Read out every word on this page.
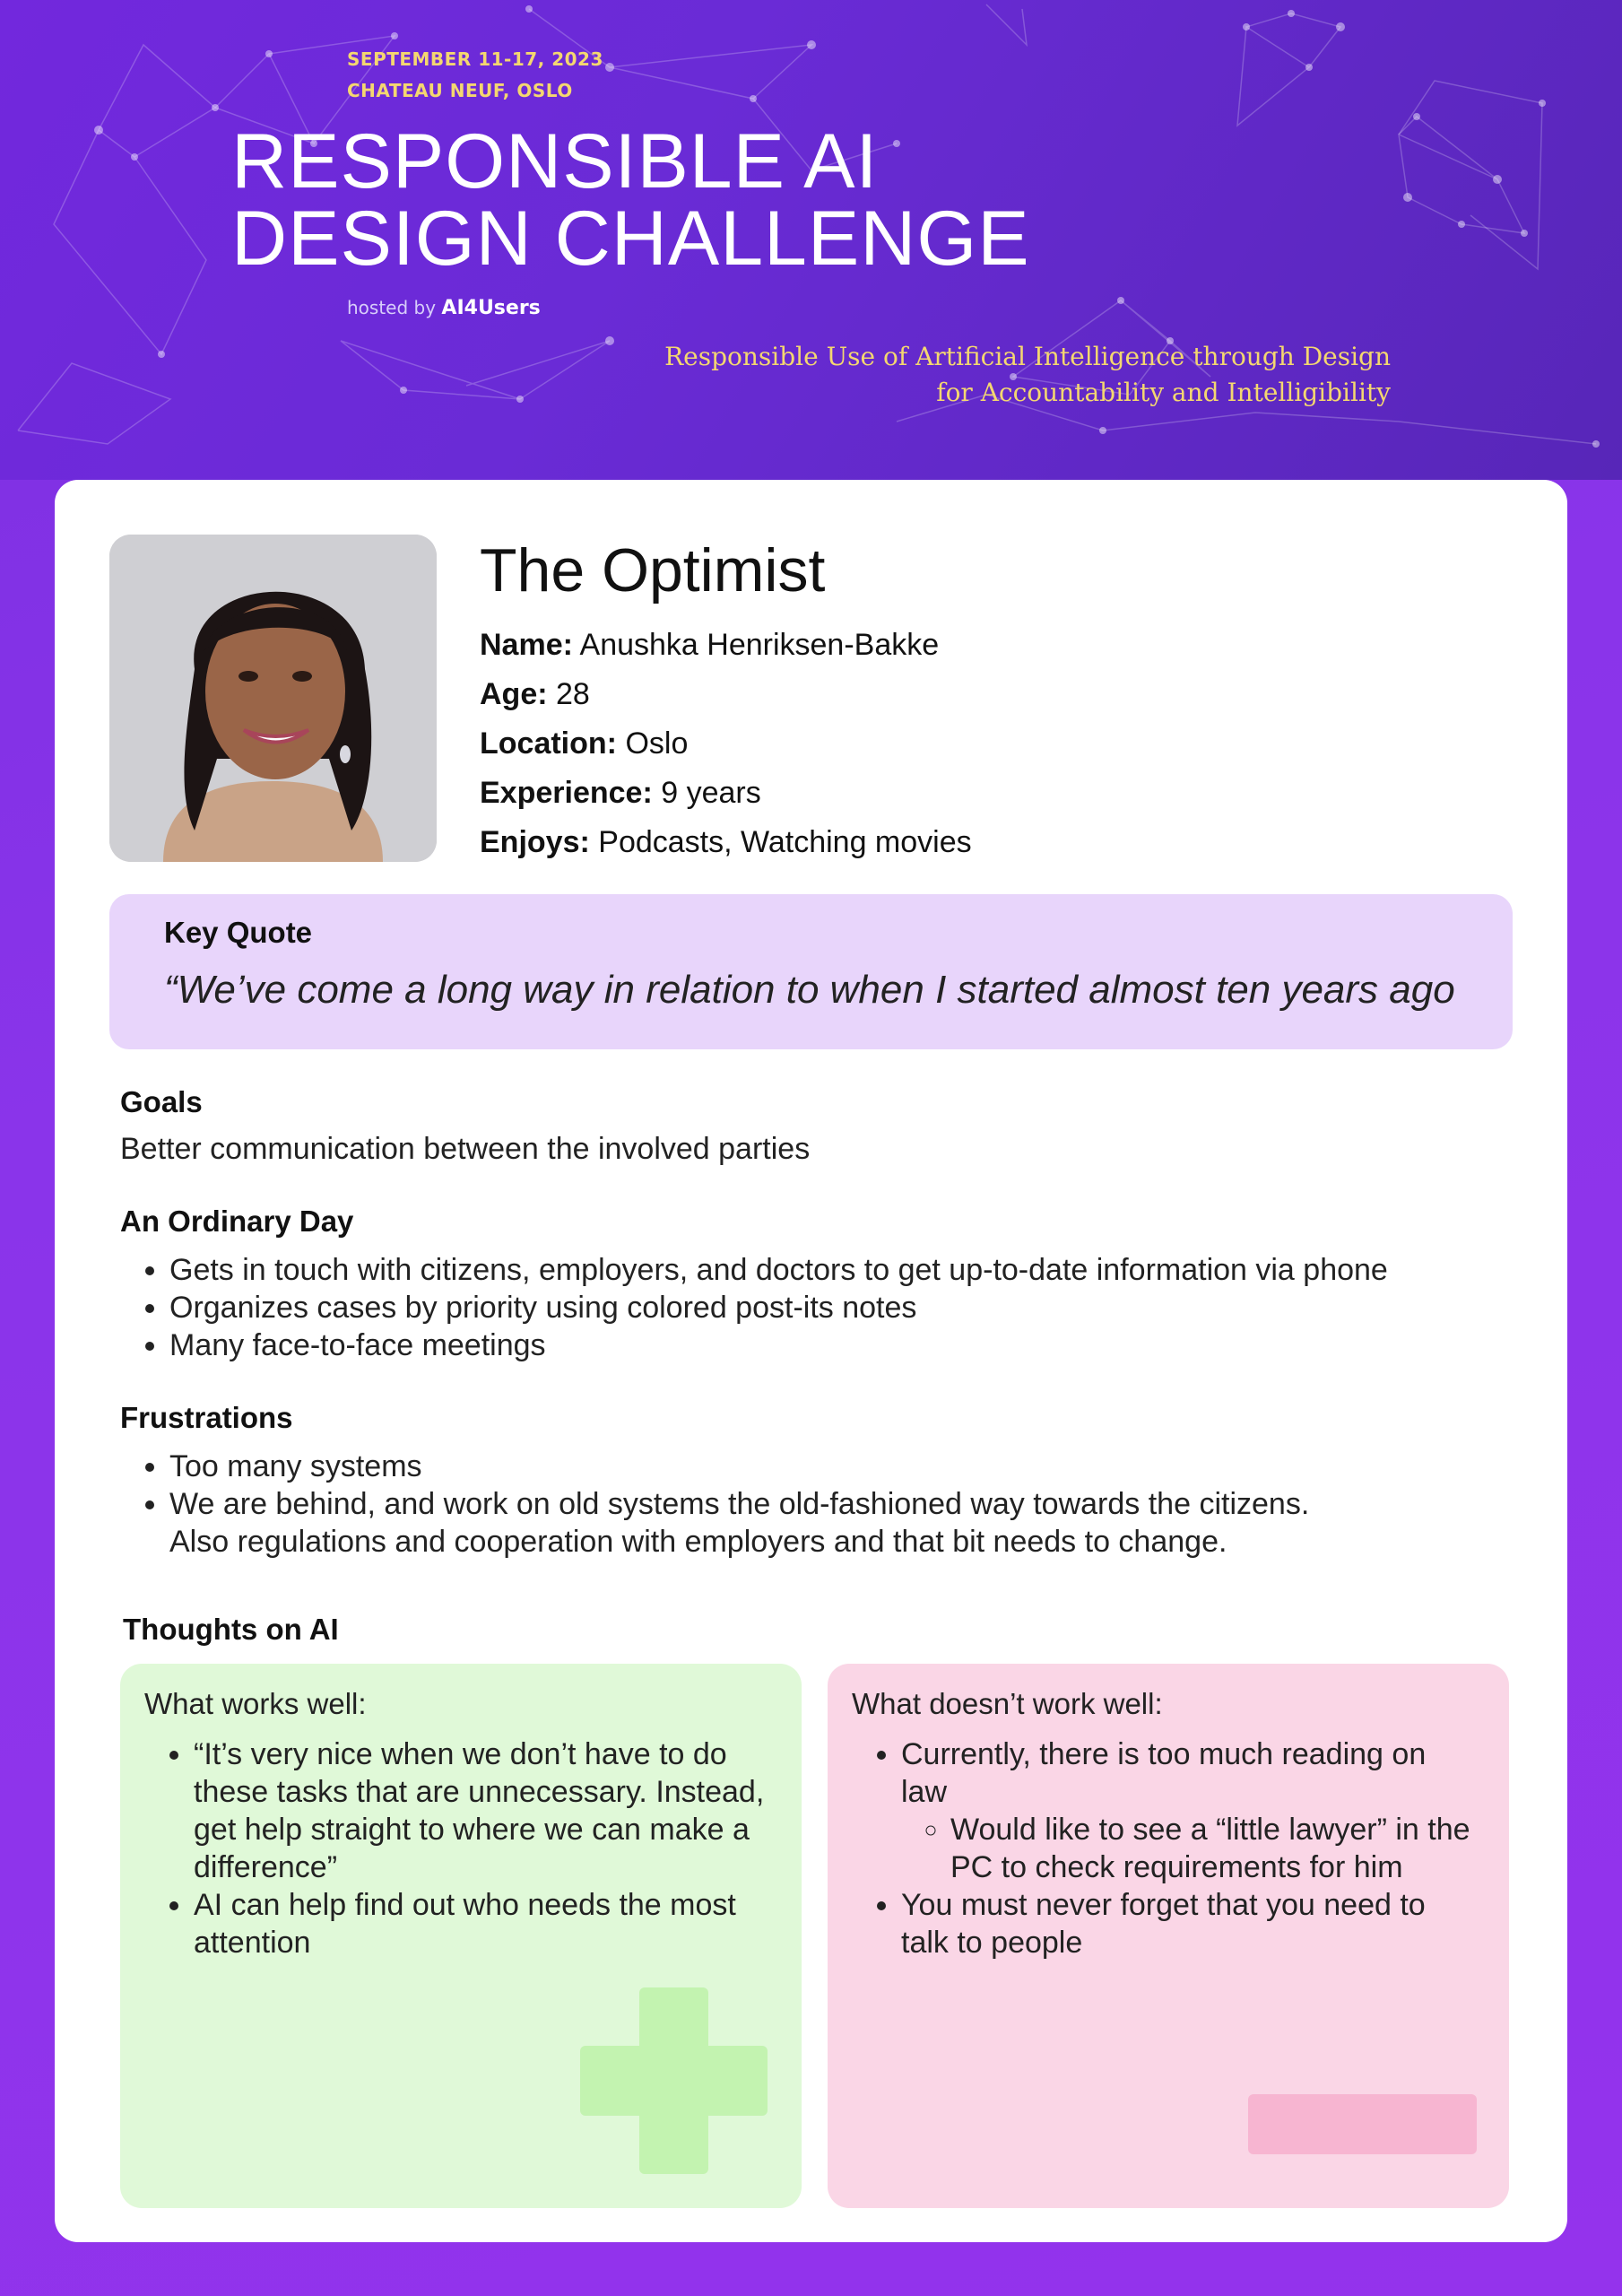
SEPTEMBER 11-17, 2023
CHATEAU NEUF, OSLO
RESPONSIBLE AI
DESIGN CHALLENGE
hosted by AI4Users
Responsible Use of Artificial Intelligence through Design
for Accountability and Intelligibility
The Optimist
Name: Anushka Henriksen-Bakke
Age: 28
Location: Oslo
Experience: 9 years
Enjoys: Podcasts, Watching movies
Key Quote
“We’ve come a long way in relation to when I started almost ten years ago
Goals
Better communication between the involved parties
An Ordinary Day
• Gets in touch with citizens, employers, and doctors to get up-to-date information via phone
• Organizes cases by priority using colored post-its notes
• Many face-to-face meetings
Frustrations
• Too many systems
• We are behind, and work on old systems the old-fashioned way towards the citizens.
Also regulations and cooperation with employers and that bit needs to change.
Thoughts on AI
What works well:
• “It’s very nice when we don’t have to do these tasks that are unnecessary. Instead, get help straight to where we can make a difference”
• AI can help find out who needs the most attention
What doesn’t work well:
• Currently, there is too much reading on law
◦ Would like to see a “little lawyer” in the PC to check requirements for him
• You must never forget that you need to talk to people
